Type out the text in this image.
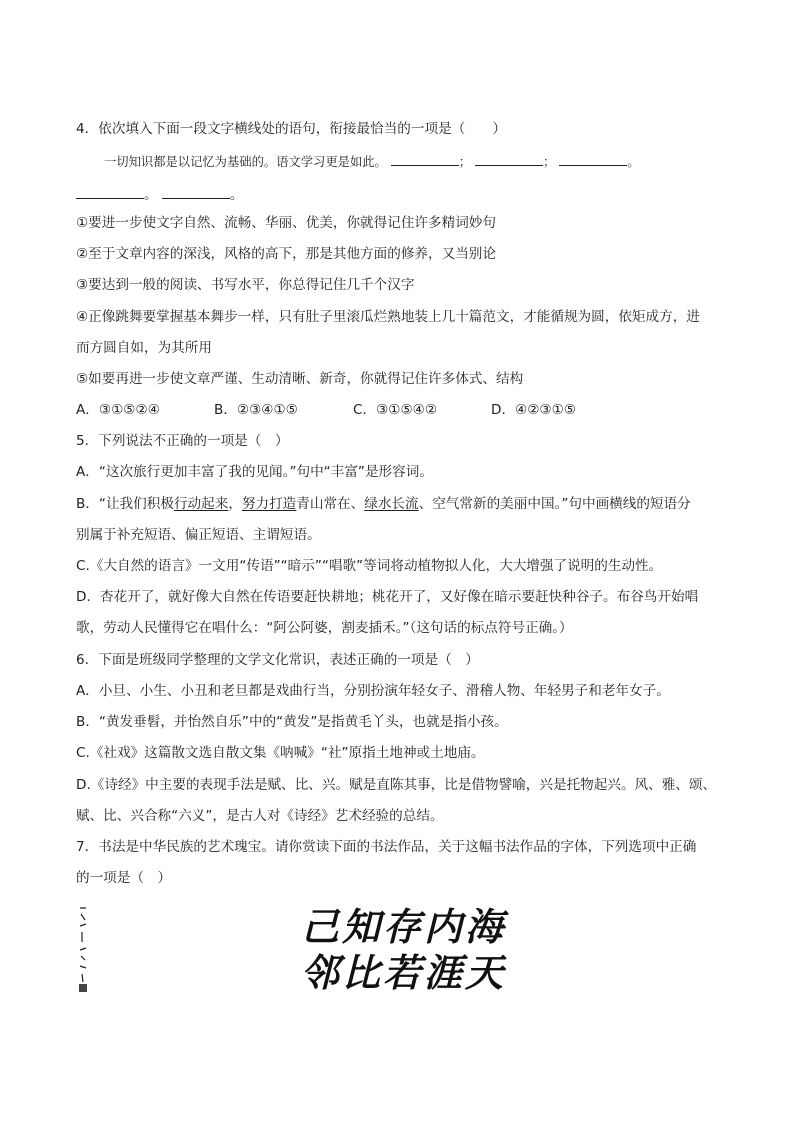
4．依次填入下面一段文字横线处的语句，衔接最恰当的一项是（　　）
一切知识都是以记忆为基础的。语文学习更是如此。	；	；	。
。	。
①要进一步使文字自然、流畅、华丽、优美，你就得记住许多精词妙句
②至于文章内容的深浅，风格的高下，那是其他方面的修养，又当别论
③要达到一般的阅读、书写水平，你总得记住几千个汉字
④正像跳舞要掌握基本舞步一样，只有肚子里滚瓜烂熟地装上几十篇范文，才能循规为圆，依矩成方，进
而方圆自如，为其所用
⑤如要再进一步使文章严谨、生动清晰、新奇，你就得记住许多体式、结构
A．③①⑤②④	B．②③④①⑤	C．③①⑤④②	D．④②③①⑤
5．下列说法不正确的一项是（　）
A．“这次旅行更加丰富了我的见闻。”句中“丰富”是形容词。
B．“让我们积极行动起来，努力打造青山常在、绿水长流、空气常新的美丽中国。”句中画横线的短语分
别属于补充短语、偏正短语、主谓短语。
C.《大自然的语言》一文用“传语”“暗示”“唱歌”等词将动植物拟人化，大大增强了说明的生动性。
D．杏花开了，就好像大自然在传语要赶快耕地；桃花开了，又好像在暗示要赶快种谷子。布谷鸟开始唱
歌，劳动人民懂得它在唱什么：“阿公阿婆，割麦插禾。”（这句话的标点符号正确。）
6．下面是班级同学整理的文学文化常识，表述正确的一项是（　）
A．小旦、小生、小丑和老旦都是戏曲行当，分别扮演年轻女子、滑稽人物、年轻男子和老年女子。
B．“黄发垂髫，并怡然自乐”中的“黄发”是指黄毛丫头，也就是指小孩。
C.《社戏》这篇散文选自散文集《呐喊》“社”原指土地神或土地庙。
D.《诗经》中主要的表现手法是赋、比、兴。赋是直陈其事，比是借物譬喻，兴是托物起兴。风、雅、颂、
赋、比、兴合称“六义”，是古人对《诗经》艺术经验的总结。
7．书法是中华民族的艺术瑰宝。请你赏读下面的书法作品，关于这幅书法作品的字体，下列选项中正确
的一项是（　）
海内存知己
天涯若比邻
